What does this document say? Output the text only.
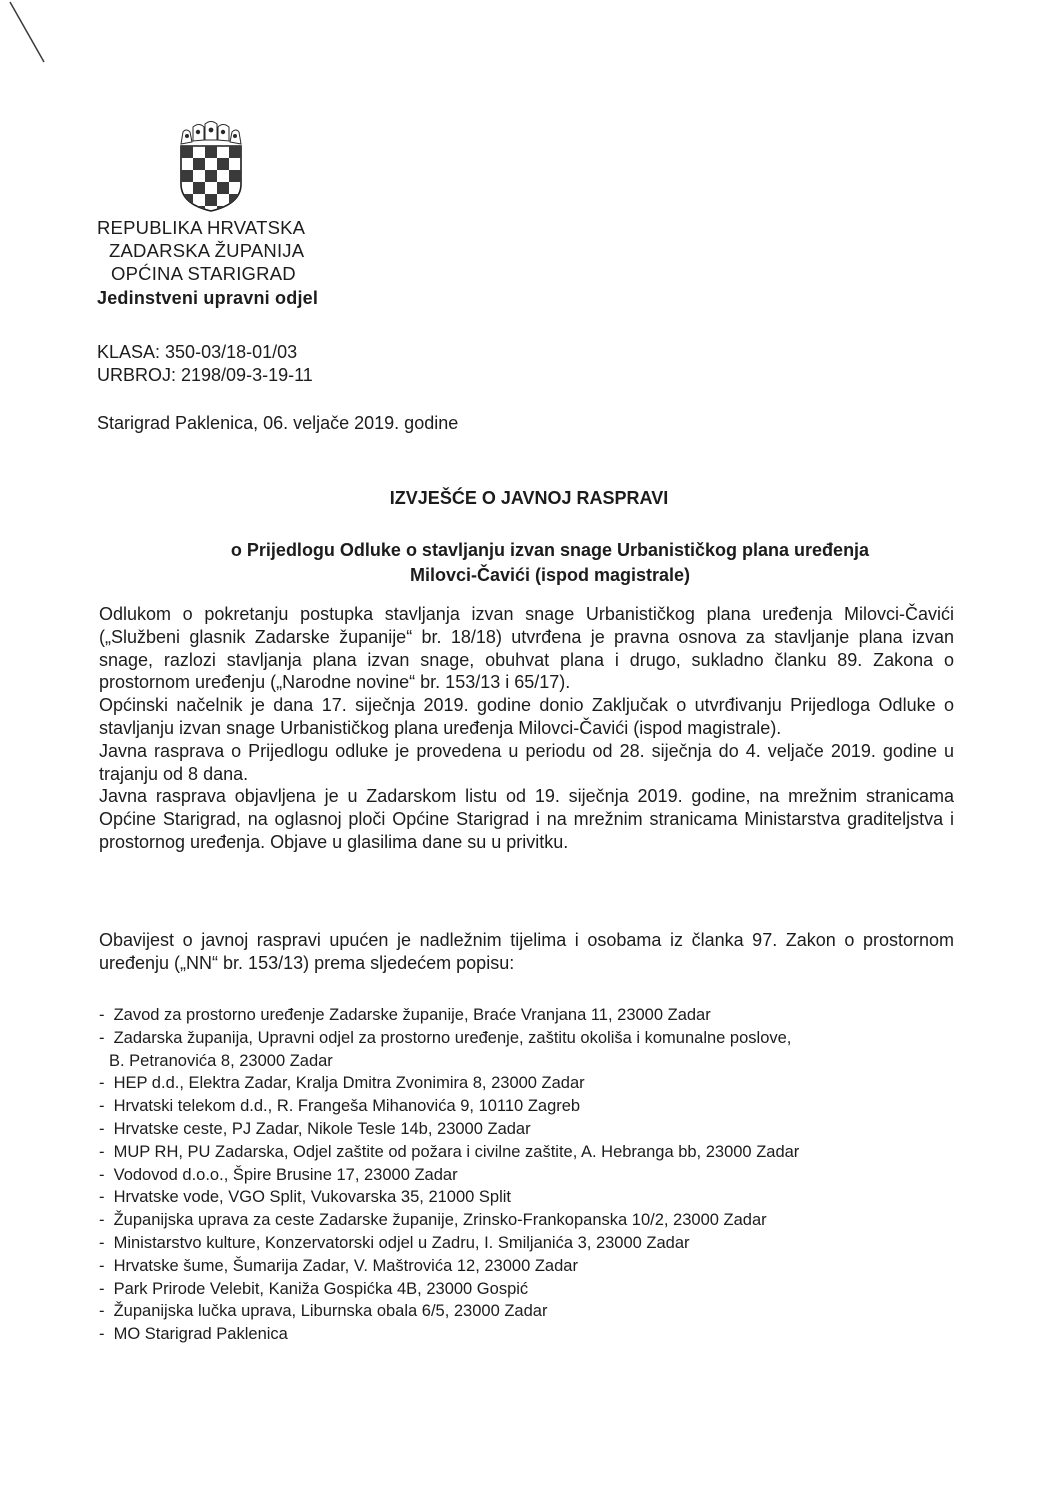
REPUBLIKA HRVATSKA
ZADARSKA ŽUPANIJA
OPĆINA STARIGRAD
Jedinstveni upravni odjel
KLASA: 350-03/18-01/03
URBROJ: 2198/09-3-19-11
Starigrad Paklenica, 06. veljače 2019. godine
IZVJEŠĆE O JAVNOJ RASPRAVI
o Prijedlogu Odluke o stavljanju izvan snage Urbanističkog plana uređenja
Milovci-Čavići (ispod magistrale)

Odlukom o pokretanju postupka stavljanja izvan snage Urbanističkog plana uređenja Milovci-Čavići („Službeni glasnik Zadarske županije“ br. 18/18) utvrđena je pravna osnova za stavljanje plana izvan snage, razlozi stavljanja plana izvan snage, obuhvat plana i drugo, sukladno članku 89. Zakona o prostornom uređenju („Narodne novine“ br. 153/13 i 65/17).

Općinski načelnik je dana 17. siječnja 2019. godine donio Zaključak o utvrđivanju Prijedloga Odluke o stavljanju izvan snage Urbanističkog plana uređenja Milovci-Čavići (ispod magistrale).

Javna rasprava o Prijedlogu odluke je provedena u periodu od 28. siječnja do 4. veljače 2019. godine u trajanju od 8 dana.

Javna rasprava objavljena je u Zadarskom listu od 19. siječnja 2019. godine, na mrežnim stranicama Općine Starigrad, na oglasnoj ploči Općine Starigrad i na mrežnim stranicama Ministarstva graditeljstva i prostornog uređenja. Objave u glasilima dane su u privitku.

Obavijest o javnoj raspravi upućen je nadležnim tijelima i osobama iz članka 97. Zakon o prostornom uređenju („NN“ br. 153/13) prema sljedećem popisu:
- Zavod za prostorno uređenje Zadarske županije, Braće Vranjana 11, 23000 Zadar
- Zadarska županija, Upravni odjel za prostorno uređenje, zaštitu okoliša i komunalne poslove,
B. Petranovića 8, 23000 Zadar
- HEP d.d., Elektra Zadar, Kralja Dmitra Zvonimira 8, 23000 Zadar
- Hrvatski telekom d.d., R. Frangeša Mihanovića 9, 10110 Zagreb
- Hrvatske ceste, PJ Zadar, Nikole Tesle 14b, 23000 Zadar
- MUP RH, PU Zadarska, Odjel zaštite od požara i civilne zaštite, A. Hebranga bb, 23000 Zadar
- Vodovod d.o.o., Špire Brusine 17, 23000 Zadar
- Hrvatske vode, VGO Split, Vukovarska 35, 21000 Split
- Županijska uprava za ceste Zadarske županije, Zrinsko-Frankopanska 10/2, 23000 Zadar
- Ministarstvo kulture, Konzervatorski odjel u Zadru, I. Smiljanića 3, 23000 Zadar
- Hrvatske šume, Šumarija Zadar, V. Maštrovića 12, 23000 Zadar
- Park Prirode Velebit, Kaniža Gospićka 4B, 23000 Gospić
- Županijska lučka uprava, Liburnska obala 6/5, 23000 Zadar
- MO Starigrad Paklenica
